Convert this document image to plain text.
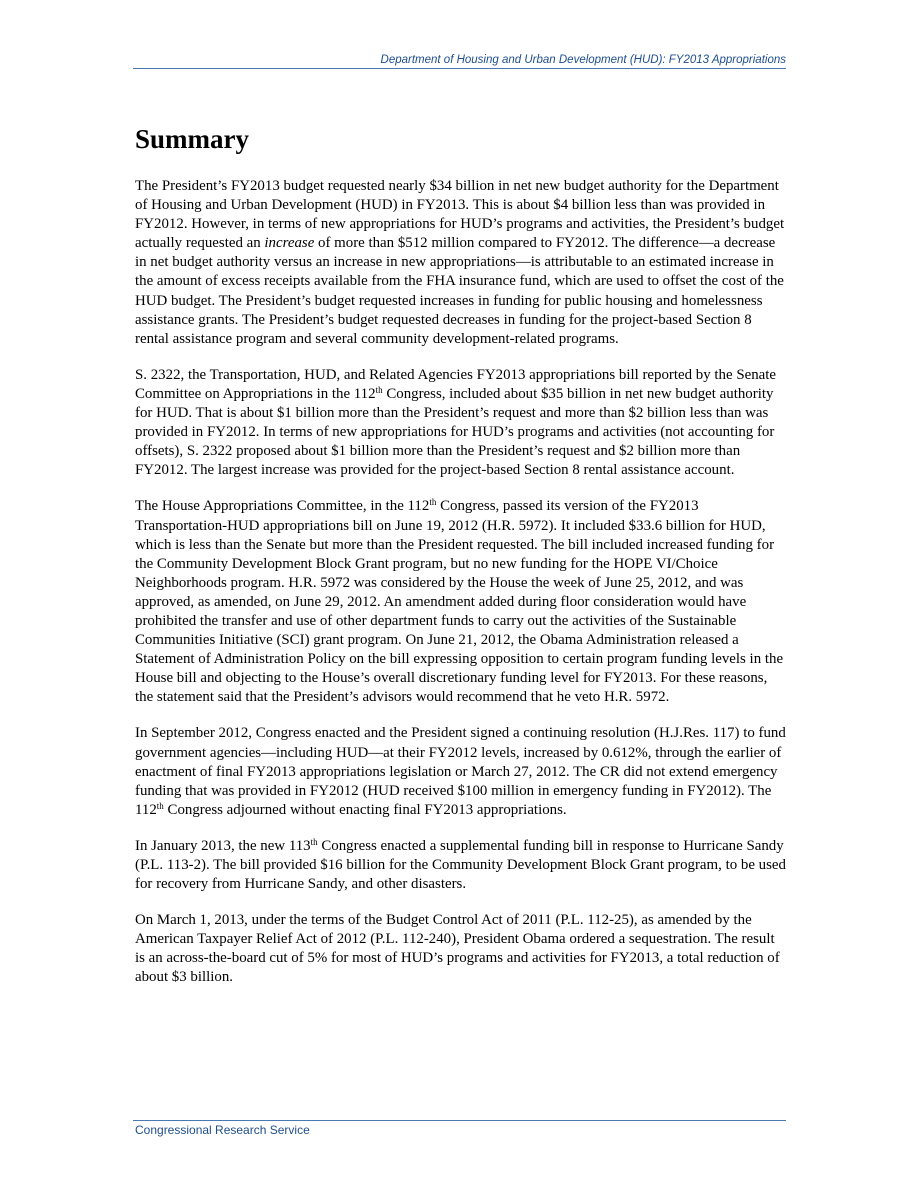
Department of Housing and Urban Development (HUD): FY2013 Appropriations
Summary

The President’s FY2013 budget requested nearly $34 billion in net new budget authority for the Department of Housing and Urban Development (HUD) in FY2013. This is about $4 billion less than was provided in FY2012. However, in terms of new appropriations for HUD’s programs and activities, the President’s budget actually requested an increase of more than $512 million compared to FY2012. The difference—a decrease in net budget authority versus an increase in new appropriations—is attributable to an estimated increase in the amount of excess receipts available from the FHA insurance fund, which are used to offset the cost of the HUD budget. The President’s budget requested increases in funding for public housing and homelessness assistance grants. The President’s budget requested decreases in funding for the project-based Section 8 rental assistance program and several community development-related programs.

S. 2322, the Transportation, HUD, and Related Agencies FY2013 appropriations bill reported by the Senate Committee on Appropriations in the 112th Congress, included about $35 billion in net new budget authority for HUD. That is about $1 billion more than the President’s request and more than $2 billion less than was provided in FY2012. In terms of new appropriations for HUD’s programs and activities (not accounting for offsets), S. 2322 proposed about $1 billion more than the President’s request and $2 billion more than FY2012. The largest increase was provided for the project-based Section 8 rental assistance account.

The House Appropriations Committee, in the 112th Congress, passed its version of the FY2013 Transportation-HUD appropriations bill on June 19, 2012 (H.R. 5972). It included $33.6 billion for HUD, which is less than the Senate but more than the President requested. The bill included increased funding for the Community Development Block Grant program, but no new funding for the HOPE VI/Choice Neighborhoods program. H.R. 5972 was considered by the House the week of June 25, 2012, and was approved, as amended, on June 29, 2012. An amendment added during floor consideration would have prohibited the transfer and use of other department funds to carry out the activities of the Sustainable Communities Initiative (SCI) grant program. On June 21, 2012, the Obama Administration released a Statement of Administration Policy on the bill expressing opposition to certain program funding levels in the House bill and objecting to the House’s overall discretionary funding level for FY2013. For these reasons, the statement said that the President’s advisors would recommend that he veto H.R. 5972.

In September 2012, Congress enacted and the President signed a continuing resolution (H.J.Res. 117) to fund government agencies—including HUD—at their FY2012 levels, increased by 0.612%, through the earlier of enactment of final FY2013 appropriations legislation or March 27, 2012. The CR did not extend emergency funding that was provided in FY2012 (HUD received $100 million in emergency funding in FY2012). The 112th Congress adjourned without enacting final FY2013 appropriations.

In January 2013, the new 113th Congress enacted a supplemental funding bill in response to Hurricane Sandy (P.L. 113-2). The bill provided $16 billion for the Community Development Block Grant program, to be used for recovery from Hurricane Sandy, and other disasters.

On March 1, 2013, under the terms of the Budget Control Act of 2011 (P.L. 112-25), as amended by the American Taxpayer Relief Act of 2012 (P.L. 112-240), President Obama ordered a sequestration. The result is an across-the-board cut of 5% for most of HUD’s programs and activities for FY2013, a total reduction of about $3 billion.

Congressional Research Service
